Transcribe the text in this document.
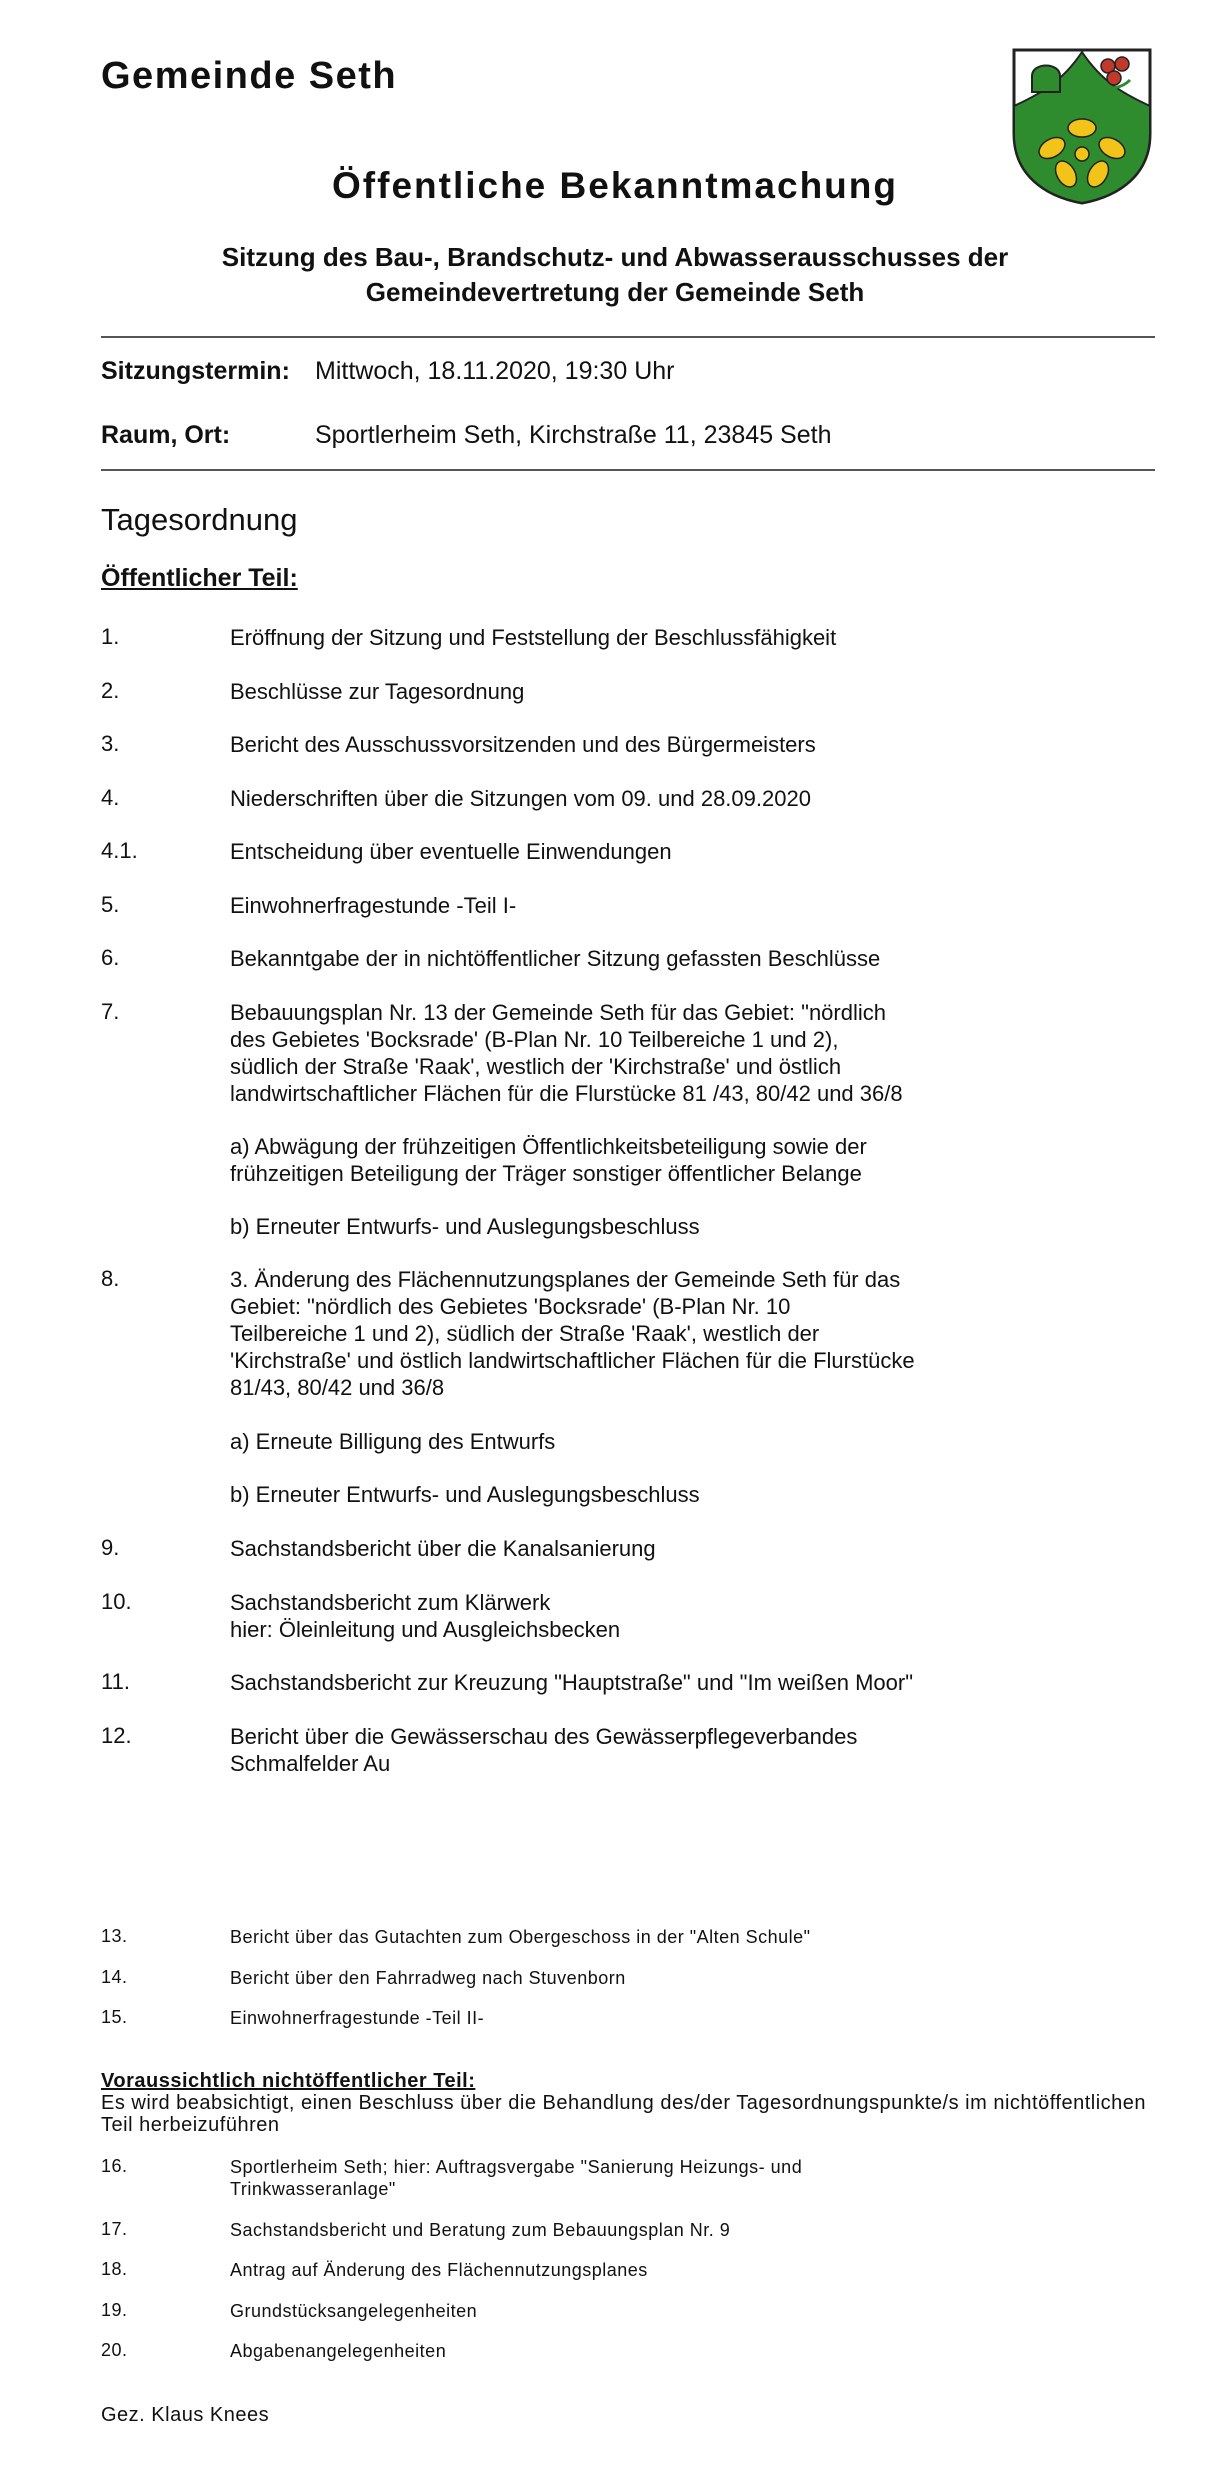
Gemeinde Seth
Öffentliche Bekanntmachung
Sitzung des Bau-, Brandschutz- und Abwasserausschusses der
Gemeindevertretung der Gemeinde Seth
Sitzungstermin: Mittwoch, 18.11.2020, 19:30 Uhr
Raum, Ort:	Sportlerheim Seth, Kirchstraße 11, 23845 Seth
Tagesordnung
Öffentlicher Teil:
1.	Eröffnung der Sitzung und Feststellung der Beschlussfähigkeit
2.	Beschlüsse zur Tagesordnung
3.	Bericht des Ausschussvorsitzenden und des Bürgermeisters
4.	Niederschriften über die Sitzungen vom 09. und 28.09.2020
4.1.	Entscheidung über eventuelle Einwendungen
5.	Einwohnerfragestunde -Teil I-
6.	Bekanntgabe der in nichtöffentlicher Sitzung gefassten Beschlüsse
7.	Bebauungsplan Nr. 13 der Gemeinde Seth für das Gebiet: "nördlich
des Gebietes 'Bocksrade' (B-Plan Nr. 10 Teilbereiche 1 und 2),
südlich der Straße 'Raak', westlich der 'Kirchstraße' und östlich
landwirtschaftlicher Flächen für die Flurstücke 81 /43, 80/42 und 36/8
a) Abwägung der frühzeitigen Öffentlichkeitsbeteiligung sowie der
frühzeitigen Beteiligung der Träger sonstiger öffentlicher Belange
b) Erneuter Entwurfs- und Auslegungsbeschluss
8.	3. Änderung des Flächennutzungsplanes der Gemeinde Seth für das
Gebiet: "nördlich des Gebietes 'Bocksrade' (B-Plan Nr. 10
Teilbereiche 1 und 2), südlich der Straße 'Raak', westlich der
'Kirchstraße' und östlich landwirtschaftlicher Flächen für die Flurstücke
81/43, 80/42 und 36/8
a) Erneute Billigung des Entwurfs
b) Erneuter Entwurfs- und Auslegungsbeschluss
9.	Sachstandsbericht über die Kanalsanierung
10.	Sachstandsbericht zum Klärwerk
hier: Öleinleitung und Ausgleichsbecken
11.	Sachstandsbericht zur Kreuzung "Hauptstraße" und "Im weißen Moor"
12.	Bericht über die Gewässerschau des Gewässerpflegeverbandes
Schmalfelder Au
13.	Bericht über das Gutachten zum Obergeschoss in der "Alten Schule"
14.	Bericht über den Fahrradweg nach Stuvenborn
15.	Einwohnerfragestunde -Teil II-
Voraussichtlich nichtöffentlicher Teil:
Es wird beabsichtigt, einen Beschluss über die Behandlung des/der Tagesordnungspunkte/s im nichtöffentlichen Teil herbeizuführen
16.	Sportlerheim Seth; hier: Auftragsvergabe "Sanierung Heizungs- und
Trinkwasseranlage"
17.	Sachstandsbericht und Beratung zum Bebauungsplan Nr. 9
18.	Antrag auf Änderung des Flächennutzungsplanes
19.	Grundstücksangelegenheiten
20.	Abgabenangelegenheiten
Gez. Klaus Knees
